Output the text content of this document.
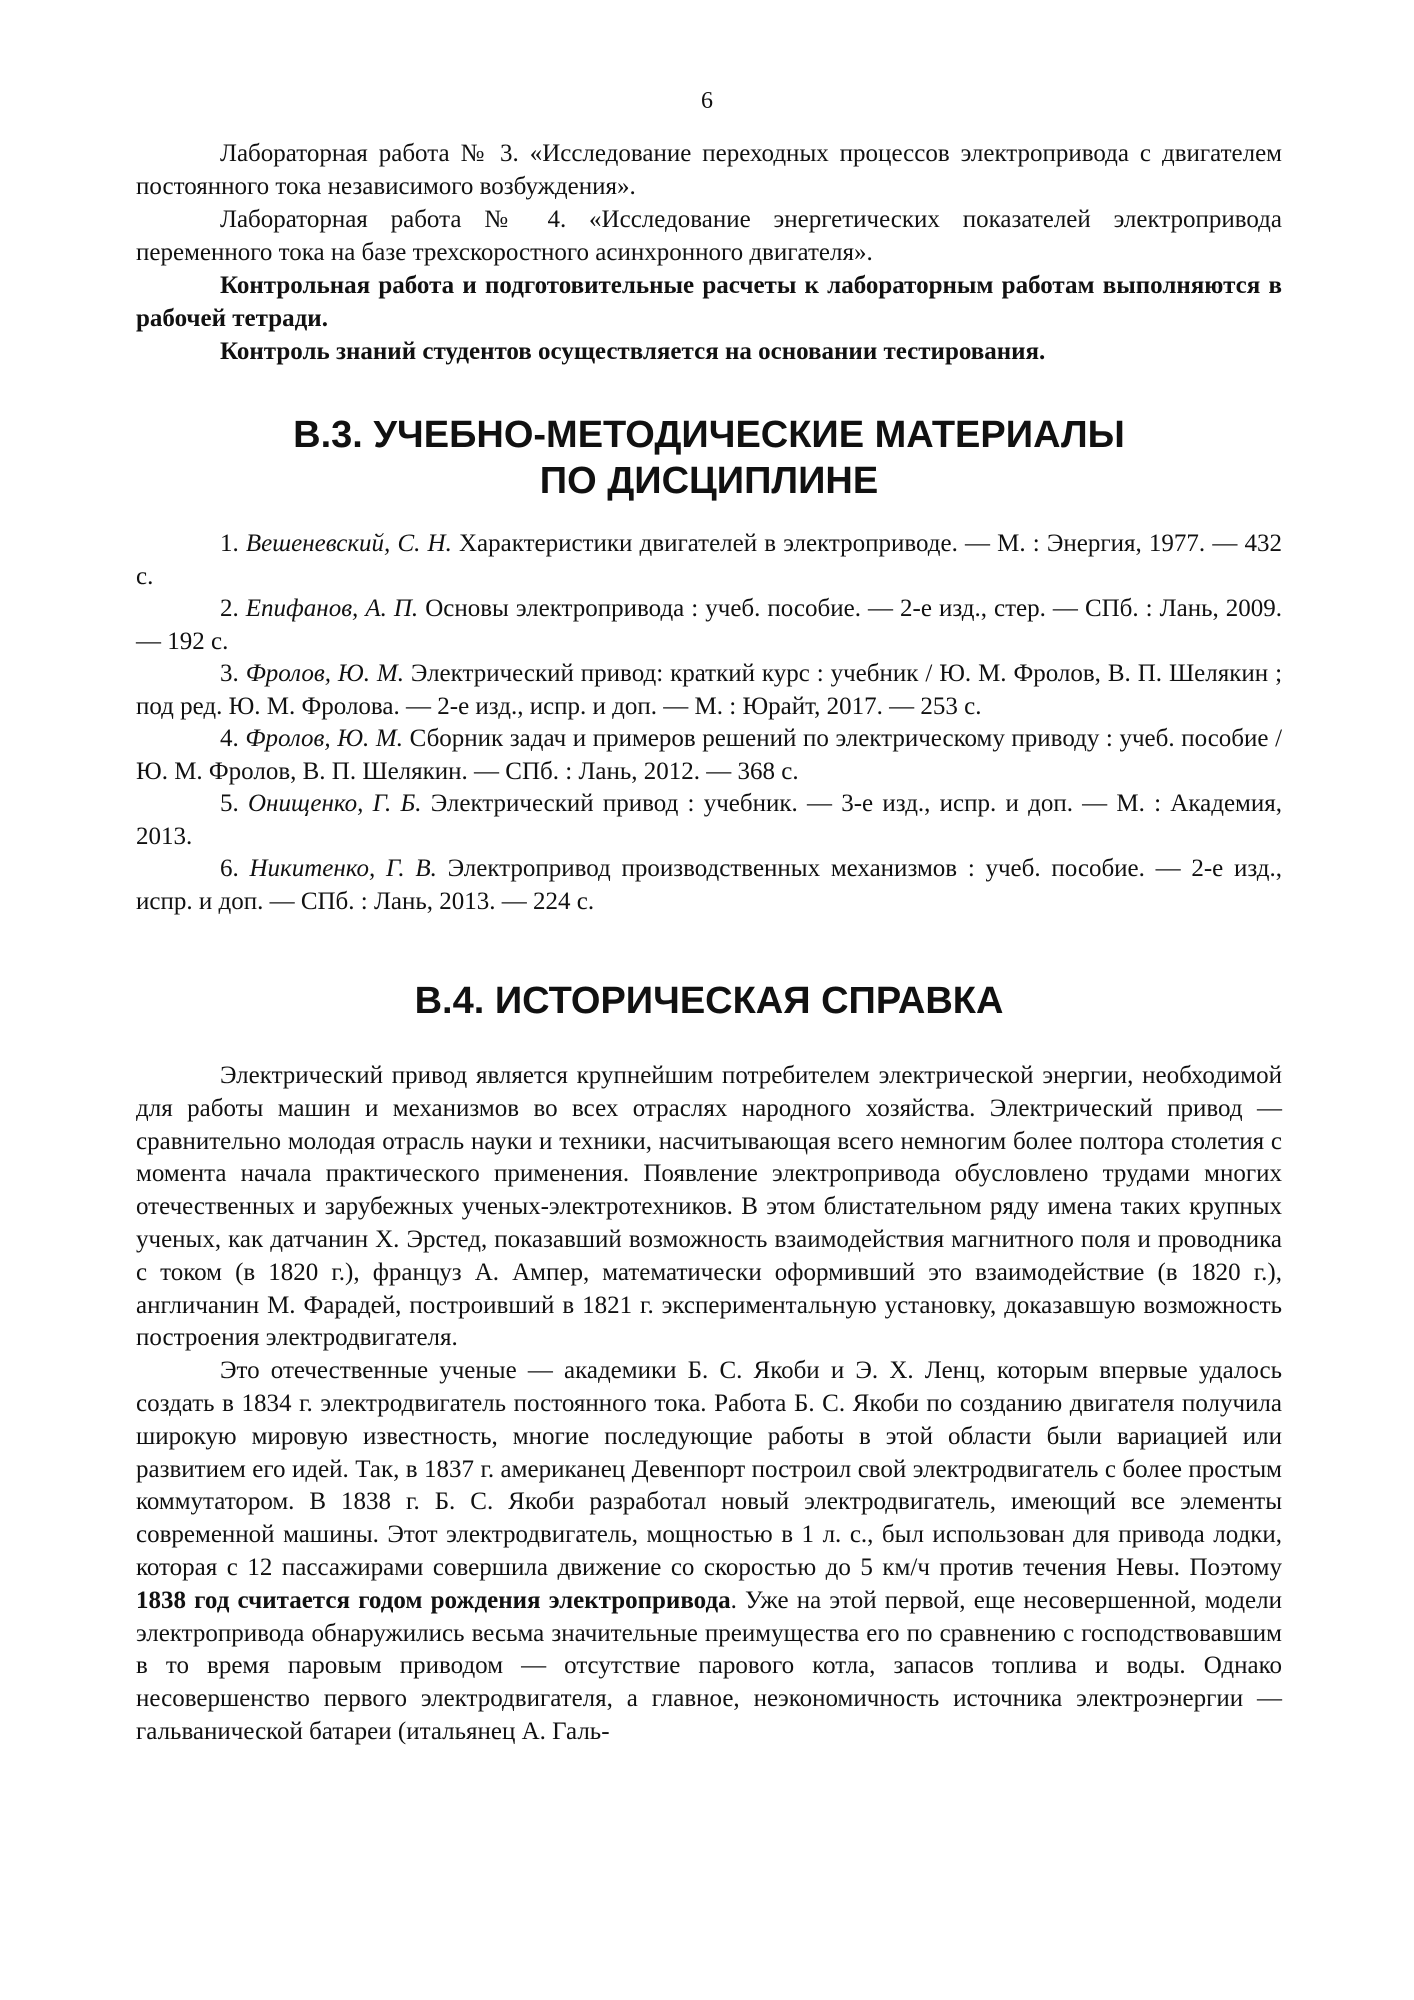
6

Лабораторная работа № 3. «Исследование переходных процессов электропривода с двигателем постоянного тока независимого возбуждения».

Лабораторная работа № 4. «Исследование энергетических показателей электропривода переменного тока на базе трехскоростного асинхронного двигателя».

Контрольная работа и подготовительные расчеты к лабораторным работам выполняются в рабочей тетради.

Контроль знаний студентов осуществляется на основании тестирования.

В.3. УЧЕБНО-МЕТОДИЧЕСКИЕ МАТЕРИАЛЫ
ПО ДИСЦИПЛИНЕ

1. Вешеневский, С. Н. Характеристики двигателей в электроприводе. — М. : Энергия, 1977. — 432 с.

2. Епифанов, А. П. Основы электропривода : учеб. пособие. — 2-е изд., стер. — СПб. : Лань, 2009. — 192 с.

3. Фролов, Ю. М. Электрический привод: краткий курс : учебник / Ю. М. Фролов, В. П. Шелякин ; под ред. Ю. М. Фролова. — 2-е изд., испр. и доп. — М. : Юрайт, 2017. — 253 с.

4. Фролов, Ю. М. Сборник задач и примеров решений по электрическому приводу : учеб. пособие / Ю. М. Фролов, В. П. Шелякин. — СПб. : Лань, 2012. — 368 с.

5. Онищенко, Г. Б. Электрический привод : учебник. — 3-е изд., испр. и доп. — М. : Академия, 2013.

6. Никитенко, Г. В. Электропривод производственных механизмов : учеб. пособие. — 2-е изд., испр. и доп. — СПб. : Лань, 2013. — 224 с.

В.4. ИСТОРИЧЕСКАЯ СПРАВКА

Электрический привод является крупнейшим потребителем электрической энергии, необходимой для работы машин и механизмов во всех отраслях народного хозяйства. Электрический привод — сравнительно молодая отрасль науки и техники, насчитывающая всего немногим более полтора столетия с момента начала практического применения. Появление электропривода обусловлено трудами многих отечественных и зарубежных ученых-электротехников. В этом блистательном ряду имена таких крупных ученых, как датчанин Х. Эрстед, показавший возможность взаимодействия магнитного поля и проводника с током (в 1820 г.), француз А. Ампер, математически оформивший это взаимодействие (в 1820 г.), англичанин М. Фарадей, построивший в 1821 г. экспериментальную установку, доказавшую возможность построения электродвигателя.

Это отечественные ученые — академики Б. С. Якоби и Э. Х. Ленц, которым впервые удалось создать в 1834 г. электродвигатель постоянного тока. Работа Б. С. Якоби по созданию двигателя получила широкую мировую известность, многие последующие работы в этой области были вариацией или развитием его идей. Так, в 1837 г. американец Девенпорт построил свой электродвигатель с более простым коммутатором. В 1838 г. Б. С. Якоби разработал новый электродвигатель, имеющий все элементы современной машины. Этот электродвигатель, мощностью в 1 л. с., был использован для привода лодки, которая с 12 пассажирами совершила движение со скоростью до 5 км/ч против течения Невы. Поэтому 1838 год считается годом рождения электропривода. Уже на этой первой, еще несовершенной, модели электропривода обнаружились весьма значительные преимущества его по сравнению с господствовавшим в то время паровым приводом — отсутствие парового котла, запасов топлива и воды. Однако несовершенство первого электродвигателя, а главное, неэкономичность источника электроэнергии — гальванической батареи (итальянец А. Галь-
